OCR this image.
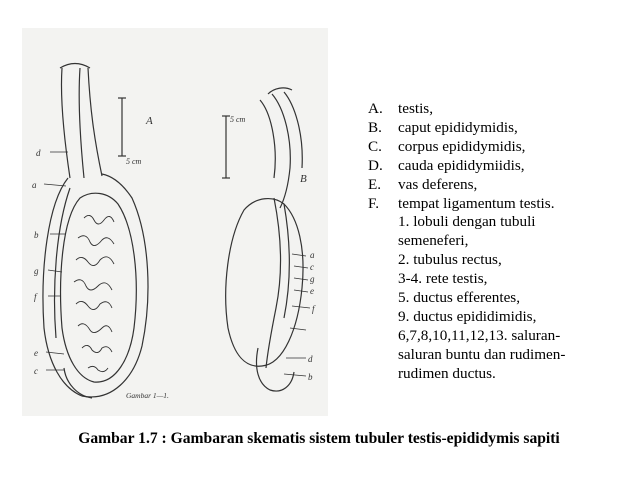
A
5 cm
d
a
b
g
f
e
c
Gambar 1—1.
B
5 cm
a
c
g
e
f
d
b
A.	testis,
B.	caput epididymidis,
C.	corpus epididymidis,
D.	cauda epididymiidis,
E.	vas deferens,
F.	tempat ligamentum testis.
1. lobuli dengan tubuli
semeneferi,
2. tubulus rectus,
3-4. rete testis,
5. ductus efferentes,
9. ductus epididimidis,
6,7,8,10,11,12,13. saluran-
saluran buntu dan rudimen-
rudimen ductus.
Gambar 1.7 : Gambaran skematis sistem tubuler testis-epididymis sapiti
